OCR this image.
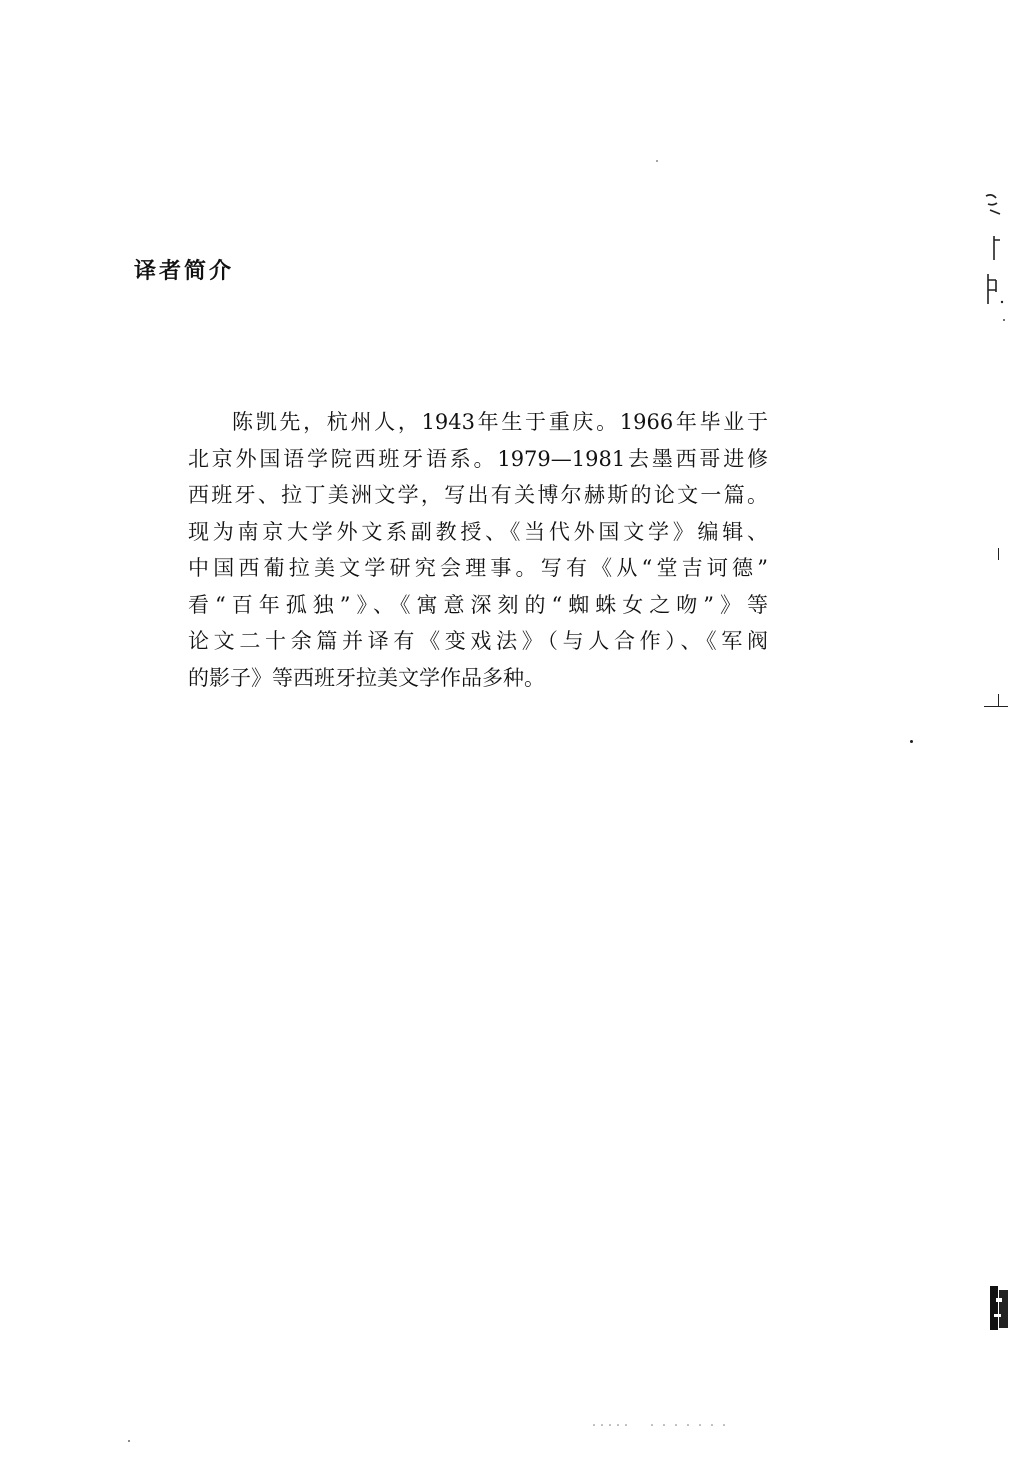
译者简介
陈凯先，杭州人，1943年生于重庆。1966年毕业于
北京外国语学院西班牙语系。1979—1981去墨西哥进修
西班牙、拉丁美洲文学，写出有关博尔赫斯的论文一篇。
现为南京大学外文系副教授、《当代外国文学》编辑、
中国西葡拉美文学研究会理事。写有《从“堂吉诃德”
看“百年孤独”》、《寓意深刻的“蜘蛛女之吻”》等
论文二十余篇并译有《变戏法》（与人合作）、《军阀
的影子》等西班牙拉美文学作品多种。
